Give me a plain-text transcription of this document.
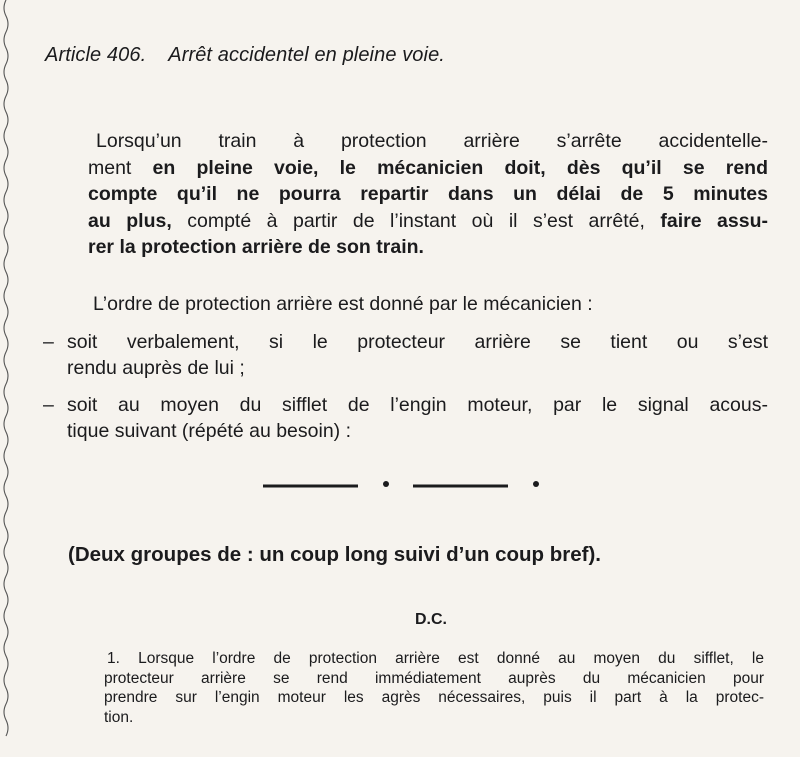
Article 406. Arrêt accidentel en pleine voie.
Lorsqu’un train à protection arrière s’arrête accidentelle-
ment en pleine voie, le mécanicien doit, dès qu’il se rend
compte qu’il ne pourra repartir dans un délai de 5 minutes
au plus, compté à partir de l’instant où il s’est arrêté, faire assu-
rer la protection arrière de son train.
L’ordre de protection arrière est donné par le mécanicien :
– soit verbalement, si le protecteur arrière se tient ou s’est
rendu auprès de lui ;
– soit au moyen du sifflet de l’engin moteur, par le signal acous-
tique suivant (répété au besoin) :
(Deux groupes de : un coup long suivi d’un coup bref).
D.C.
1. Lorsque l’ordre de protection arrière est donné au moyen du sifflet, le
protecteur arrière se rend immédiatement auprès du mécanicien pour
prendre sur l’engin moteur les agrès nécessaires, puis il part à la protec-
tion.
